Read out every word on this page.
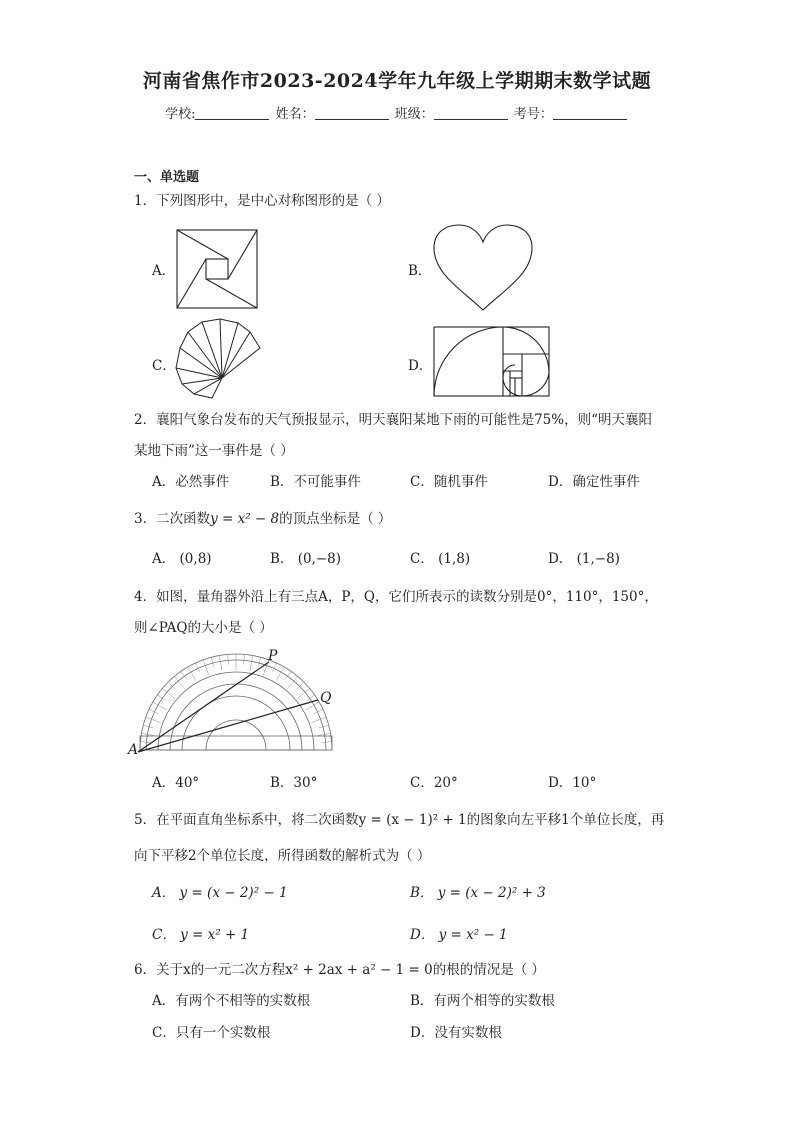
河南省焦作市2023-2024学年九年级上学期期末数学试题
学校:	姓名：	班级：	考号：
一、单选题
1．下列图形中，是中心对称图形的是（ ）
A．	B．
C．	D．
2．襄阳气象台发布的天气预报显示，明天襄阳某地下雨的可能性是75%，则“明天襄阳
某地下雨”这一事件是（ ）
A．必然事件	B．不可能事件	C．随机事件	D．确定性事件
3．二次函数y = x² − 8的顶点坐标是（ ）
A． (0,8)	B． (0,−8)	C． (1,8)	D． (1,−8)
4．如图，量角器外沿上有三点A，P，Q，它们所表示的读数分别是0°，110°，150°，
则∠PAQ的大小是（ ）
P
Q
A
A．40°	B．30°	C．20°	D．10°
5．在平面直角坐标系中，将二次函数y = (x − 1)² + 1的图象向左平移1个单位长度，再
向下平移2个单位长度，所得函数的解析式为（ ）
A． y = (x − 2)² − 1	B． y = (x − 2)² + 3
C． y = x² + 1	D． y = x² − 1
6．关于x的一元二次方程x² + 2ax + a² − 1 = 0的根的情况是（ ）
A．有两个不相等的实数根	B．有两个相等的实数根
C．只有一个实数根	D．没有实数根
